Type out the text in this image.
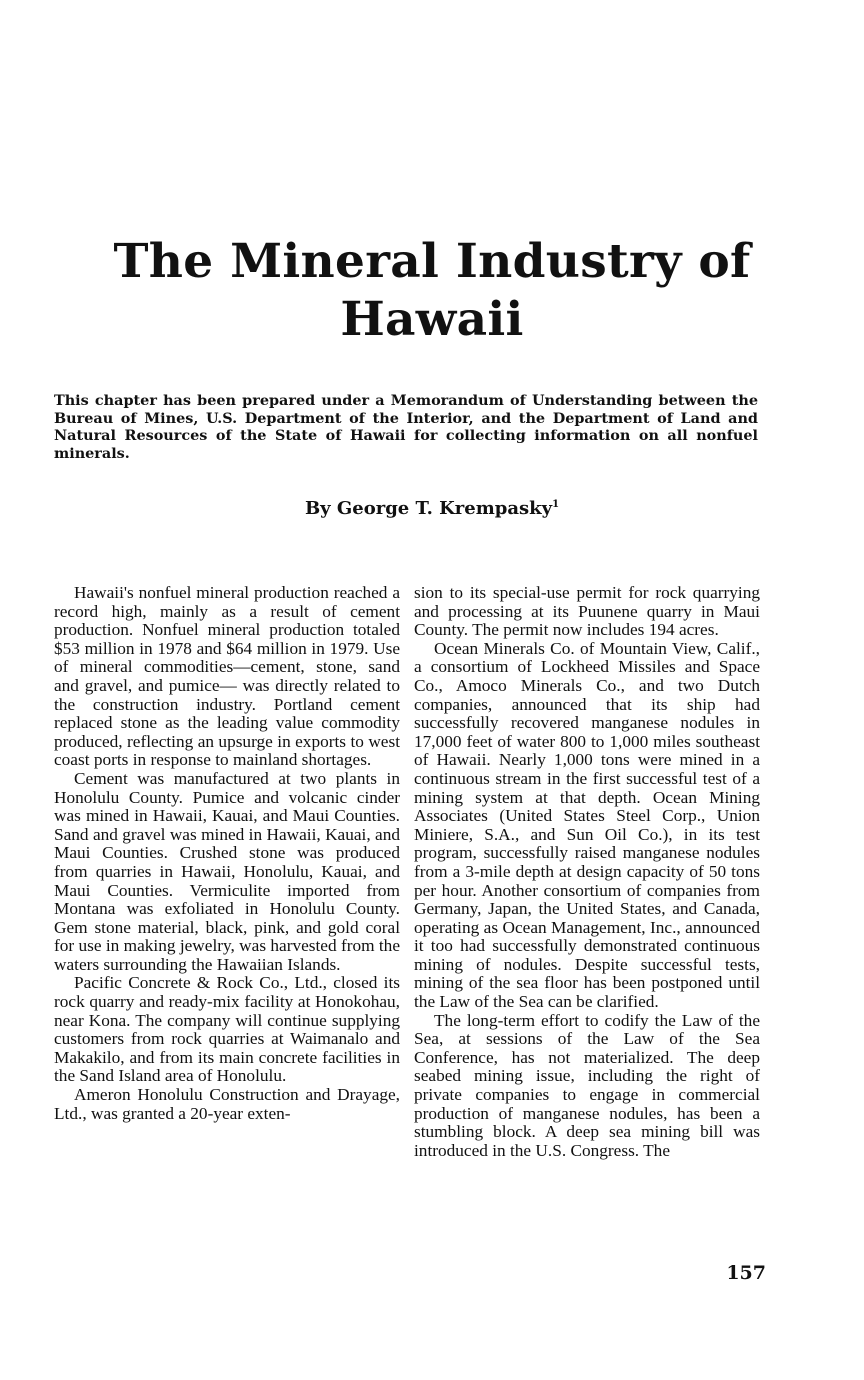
The Mineral Industry of
Hawaii

This chapter has been prepared under a Memorandum of Understanding between the Bureau of Mines, U.S. Department of the Interior, and the Department of Land and Natural Resources of the State of Hawaii for collecting information on all nonfuel minerals.

By George T. Krempasky$^1$

Hawaii's nonfuel mineral production reached a record high, mainly as a result of cement production. Nonfuel mineral production totaled $53 million in 1978 and $64 million in 1979. Use of mineral commodities—cement, stone, sand and gravel, and pumice— was directly related to the construction industry. Portland cement replaced stone as the leading value commodity produced, reflecting an upsurge in exports to west coast ports in response to mainland shortages.

Cement was manufactured at two plants in Honolulu County. Pumice and volcanic cinder was mined in Hawaii, Kauai, and Maui Counties. Sand and gravel was mined in Hawaii, Kauai, and Maui Counties. Crushed stone was produced from quarries in Hawaii, Honolulu, Kauai, and Maui Counties. Vermiculite imported from Montana was exfoliated in Honolulu County. Gem stone material, black, pink, and gold coral for use in making jewelry, was harvested from the waters surrounding the Hawaiian Islands.

Pacific Concrete & Rock Co., Ltd., closed its rock quarry and ready-mix facility at Honokohau, near Kona. The company will continue supplying customers from rock quarries at Waimanalo and Makakilo, and from its main concrete facilities in the Sand Island area of Honolulu.

Ameron Honolulu Construction and Drayage, Ltd., was granted a 20-year exten-

sion to its special-use permit for rock quarrying and processing at its Puunene quarry in Maui County. The permit now includes 194 acres.

Ocean Minerals Co. of Mountain View, Calif., a consortium of Lockheed Missiles and Space Co., Amoco Minerals Co., and two Dutch companies, announced that its ship had successfully recovered manganese nodules in 17,000 feet of water 800 to 1,000 miles southeast of Hawaii. Nearly 1,000 tons were mined in a continuous stream in the first successful test of a mining system at that depth. Ocean Mining Associates (United States Steel Corp., Union Miniere, S.A., and Sun Oil Co.), in its test program, successfully raised manganese nodules from a 3-mile depth at design capacity of 50 tons per hour. Another consortium of companies from Germany, Japan, the United States, and Canada, operating as Ocean Management, Inc., announced it too had successfully demonstrated continuous mining of nodules. Despite successful tests, mining of the sea floor has been postponed until the Law of the Sea can be clarified.

The long-term effort to codify the Law of the Sea, at sessions of the Law of the Sea Conference, has not materialized. The deep seabed mining issue, including the right of private companies to engage in commercial production of manganese nodules, has been a stumbling block. A deep sea mining bill was introduced in the U.S. Congress. The

157
